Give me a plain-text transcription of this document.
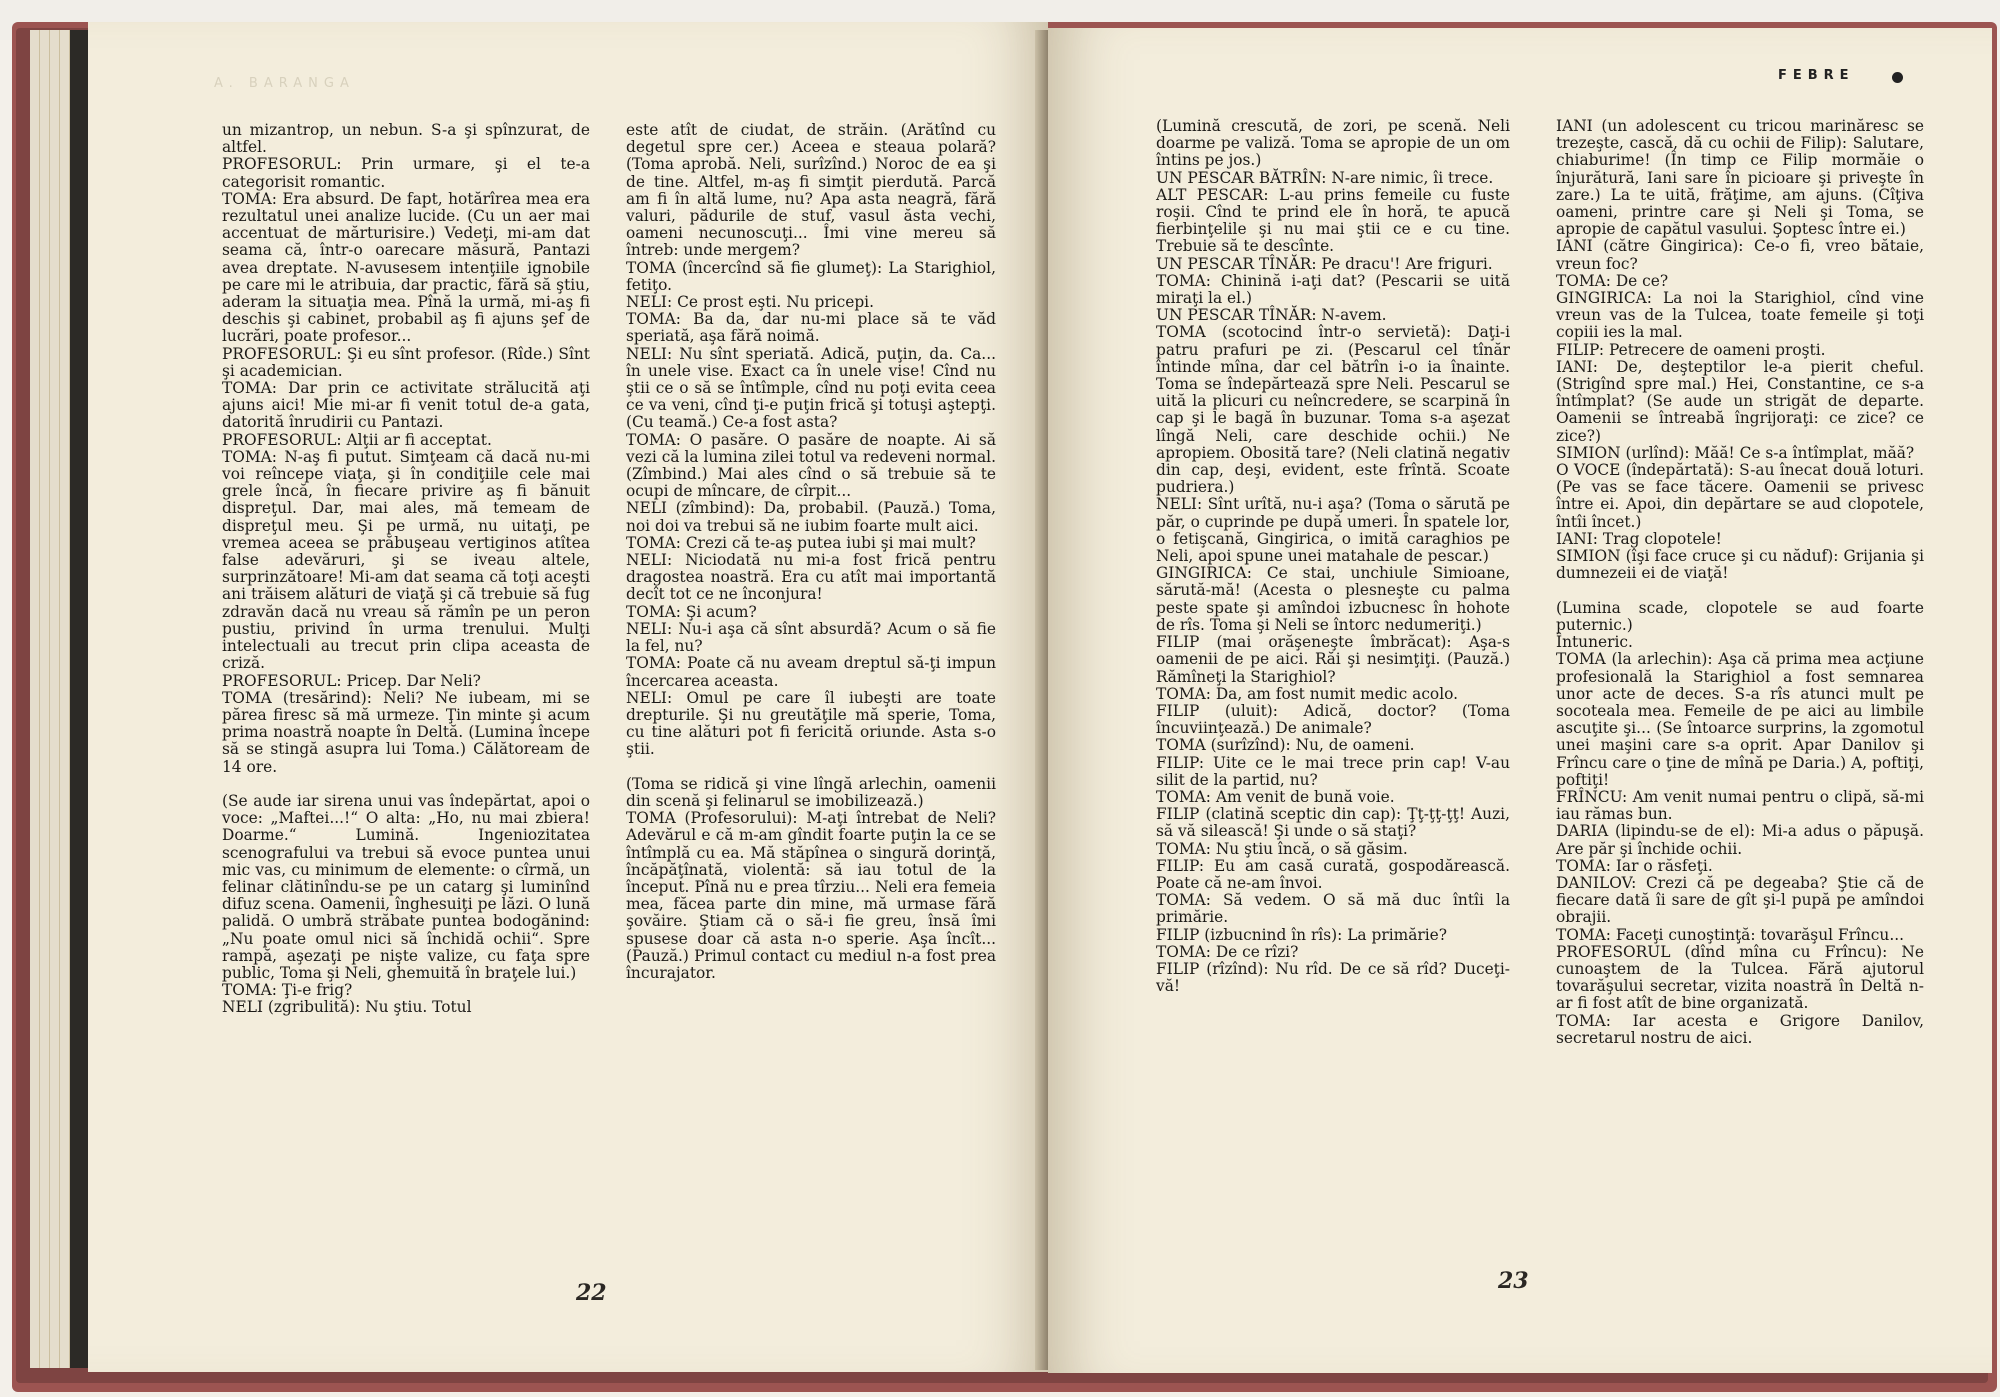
A. BARANGA
un mizantrop, un nebun. S-a şi spînzurat, de altfel.
PROFESORUL: Prin urmare, şi el te-a categorisit romantic.
TOMA: Era absurd. De fapt, hotărîrea mea era rezultatul unei analize lucide. (Cu un aer mai accentuat de mărturisire.) Vedeţi, mi-am dat seama că, într-o oarecare măsură, Pantazi avea dreptate. N-avusesem intenţiile ignobile pe care mi le atribuia, dar practic, fără să ştiu, aderam la situaţia mea. Pînă la urmă, mi-aş fi deschis şi cabinet, probabil aş fi ajuns şef de lucrări, poate profesor...
PROFESORUL: Şi eu sînt profesor. (Rîde.) Sînt şi academician.
TOMA: Dar prin ce activitate strălucită aţi ajuns aici! Mie mi-ar fi venit totul de-a gata, datorită înrudirii cu Pantazi.
PROFESORUL: Alţii ar fi acceptat.
TOMA: N-aş fi putut. Simţeam că dacă nu-mi voi reîncepe viaţa, şi în condiţiile cele mai grele încă, în fiecare privire aş fi bănuit dispreţul. Dar, mai ales, mă temeam de dispreţul meu. Şi pe urmă, nu uitaţi, pe vremea aceea se prăbuşeau vertiginos atîtea false adevăruri, şi se iveau altele, surprinzătoare! Mi-am dat seama că toţi aceşti ani trăisem alături de viaţă şi că trebuie să fug zdravăn dacă nu vreau să rămîn pe un peron pustiu, privind în urma trenului. Mulţi intelectuali au trecut prin clipa aceasta de criză.
PROFESORUL: Pricep. Dar Neli?
TOMA (tresărind): Neli? Ne iubeam, mi se părea firesc să mă urmeze. Ţin minte şi acum prima noastră noapte în Deltă. (Lumina începe să se stingă asupra lui Toma.) Călătoream de 14 ore.

(Se aude iar sirena unui vas îndepărtat, apoi o voce: „Maftei...!“ O alta: „Ho, nu mai zbiera! Doarme.“ Lumină. Ingeniozitatea scenografului va trebui să evoce puntea unui mic vas, cu minimum de elemente: o cîrmă, un felinar clătinîndu-se pe un catarg şi luminînd difuz scena. Oamenii, înghesuiţi pe lăzi. O lună palidă. O umbră străbate puntea bodogănind: „Nu poate omul nici să închidă ochii“. Spre rampă, aşezaţi pe nişte valize, cu faţa spre public, Toma şi Neli, ghemuită în braţele lui.)
TOMA: Ţi-e frig?
NELI (zgribulită): Nu ştiu. Totul
este atît de ciudat, de străin. (Arătînd cu degetul spre cer.) Aceea e steaua polară? (Toma aprobă. Neli, surîzînd.) Noroc de ea şi de tine. Altfel, m-aş fi simţit pierdută. Parcă am fi în altă lume, nu? Apa asta neagră, fără valuri, pădurile de stuf, vasul ăsta vechi, oameni necunoscuţi... Îmi vine mereu să întreb: unde mergem?
TOMA (încercînd să fie glumeţ): La Starighiol, fetiţo.
NELI: Ce prost eşti. Nu pricepi.
TOMA: Ba da, dar nu-mi place să te văd speriată, aşa fără noimă.
NELI: Nu sînt speriată. Adică, puţin, da. Ca... în unele vise. Exact ca în unele vise! Cînd nu ştii ce o să se întîmple, cînd nu poţi evita ceea ce va veni, cînd ţi-e puţin frică şi totuşi aştepţi. (Cu teamă.) Ce-a fost asta?
TOMA: O pasăre. O pasăre de noapte. Ai să vezi că la lumina zilei totul va redeveni normal. (Zîmbind.) Mai ales cînd o să trebuie să te ocupi de mîncare, de cîrpit...
NELI (zîmbind): Da, probabil. (Pauză.) Toma, noi doi va trebui să ne iubim foarte mult aici.
TOMA: Crezi că te-aş putea iubi şi mai mult?
NELI: Niciodată nu mi-a fost frică pentru dragostea noastră. Era cu atît mai importantă decît tot ce ne înconjura!
TOMA: Şi acum?
NELI: Nu-i aşa că sînt absurdă? Acum o să fie la fel, nu?
TOMA: Poate că nu aveam dreptul să-ţi impun încercarea aceasta.
NELI: Omul pe care îl iubeşti are toate drepturile. Şi nu greutăţile mă sperie, Toma, cu tine alături pot fi fericită oriunde. Asta s-o ştii.

(Toma se ridică şi vine lîngă arlechin, oamenii din scenă şi felinarul se imobilizează.)
TOMA (Profesorului): M-aţi întrebat de Neli? Adevărul e că m-am gîndit foarte puţin la ce se întîmplă cu ea. Mă stăpînea o singură dorinţă, încăpăţînată, violentă: să iau totul de la început. Pînă nu e prea tîrziu... Neli era femeia mea, făcea parte din mine, mă urmase fără şovăire. Ştiam că o să-i fie greu, însă îmi spusese doar că asta n-o sperie. Aşa încît... (Pauză.) Primul contact cu mediul n-a fost prea încurajator.
22
FEBRE
(Lumină crescută, de zori, pe scenă. Neli doarme pe valiză. Toma se apropie de un om întins pe jos.)
UN PESCAR BĂTRÎN: N-are nimic, îi trece.
ALT PESCAR: L-au prins femeile cu fuste roşii. Cînd te prind ele în horă, te apucă fierbinţelile şi nu mai ştii ce e cu tine. Trebuie să te descînte.
UN PESCAR TÎNĂR: Pe dracu'! Are friguri.
TOMA: Chinină i-aţi dat? (Pescarii se uită miraţi la el.)
UN PESCAR TÎNĂR: N-avem.
TOMA (scotocind într-o servietă): Daţi-i patru prafuri pe zi. (Pescarul cel tînăr întinde mîna, dar cel bătrîn i-o ia înainte. Toma se îndepărtează spre Neli. Pescarul se uită la plicuri cu neîncredere, se scarpină în cap şi le bagă în buzunar. Toma s-a aşezat lîngă Neli, care deschide ochii.) Ne apropiem. Obosită tare? (Neli clatină negativ din cap, deşi, evident, este frîntă. Scoate pudriera.)
NELI: Sînt urîtă, nu-i aşa? (Toma o sărută pe păr, o cuprinde pe după umeri. În spatele lor, o fetişcană, Gingirica, o imită caraghios pe Neli, apoi spune unei matahale de pescar.)
GINGIRICA: Ce stai, unchiule Simioane, sărută-mă! (Acesta o plesneşte cu palma peste spate şi amîndoi izbucnesc în hohote de rîs. Toma şi Neli se întorc nedumeriţi.)
FILIP (mai orăşeneşte îmbrăcat): Aşa-s oamenii de pe aici. Răi şi nesimţiţi. (Pauză.) Rămîneţi la Starighiol?
TOMA: Da, am fost numit medic acolo.
FILIP (uluit): Adică, doctor? (Toma încuviinţează.) De animale?
TOMA (surîzînd): Nu, de oameni.
FILIP: Uite ce le mai trece prin cap! V-au silit de la partid, nu?
TOMA: Am venit de bună voie.
FILIP (clatină sceptic din cap): Ţţ-ţţ-ţţ! Auzi, să vă silească! Şi unde o să staţi?
TOMA: Nu ştiu încă, o să găsim.
FILIP: Eu am casă curată, gospodărească. Poate că ne-am învoi.
TOMA: Să vedem. O să mă duc întîi la primărie.
FILIP (izbucnind în rîs): La primărie?
TOMA: De ce rîzi?
FILIP (rîzînd): Nu rîd. De ce să rîd? Duceţi-vă!
IANI (un adolescent cu tricou marinăresc se trezeşte, cască, dă cu ochii de Filip): Salutare, chiaburime! (În timp ce Filip mormăie o înjurătură, Iani sare în picioare şi priveşte în zare.) La te uită, frăţime, am ajuns. (Cîţiva oameni, printre care şi Neli şi Toma, se apropie de capătul vasului. Şoptesc între ei.)
IANI (către Gingirica): Ce-o fi, vreo bătaie, vreun foc?
TOMA: De ce?
GINGIRICA: La noi la Starighiol, cînd vine vreun vas de la Tulcea, toate femeile şi toţi copiii ies la mal.
FILIP: Petrecere de oameni proşti.
IANI: De, deşteptilor le-a pierit cheful. (Strigînd spre mal.) Hei, Constantine, ce s-a întîmplat? (Se aude un strigăt de departe. Oamenii se întreabă îngrijoraţi: ce zice? ce zice?)
SIMION (urlînd): Măă! Ce s-a întîmplat, măă?
O VOCE (îndepărtată): S-au înecat două loturi. (Pe vas se face tăcere. Oamenii se privesc între ei. Apoi, din depărtare se aud clopotele, întîi încet.)
IANI: Trag clopotele!
SIMION (îşi face cruce şi cu năduf): Grijania şi dumnezeii ei de viaţă!

(Lumina scade, clopotele se aud foarte puternic.)
Întuneric.
TOMA (la arlechin): Aşa că prima mea acţiune profesională la Starighiol a fost semnarea unor acte de deces. S-a rîs atunci mult pe socoteala mea. Femeile de pe aici au limbile ascuţite şi... (Se întoarce surprins, la zgomotul unei maşini care s-a oprit. Apar Danilov şi Frîncu care o ţine de mînă pe Daria.) A, poftiţi, poftiţi!
FRÎNCU: Am venit numai pentru o clipă, să-mi iau rămas bun.
DARIA (lipindu-se de el): Mi-a adus o păpuşă. Are păr şi închide ochii.
TOMA: Iar o răsfeţi.
DANILOV: Crezi că pe degeaba? Ştie că de fiecare dată îi sare de gît şi-l pupă pe amîndoi obrajii.
TOMA: Faceţi cunoştinţă: tovarăşul Frîncu...
PROFESORUL (dînd mîna cu Frîncu): Ne cunoaştem de la Tulcea. Fără ajutorul tovarăşului secretar, vizita noastră în Deltă n-ar fi fost atît de bine organizată.
TOMA: Iar acesta e Grigore Danilov, secretarul nostru de aici.
23
